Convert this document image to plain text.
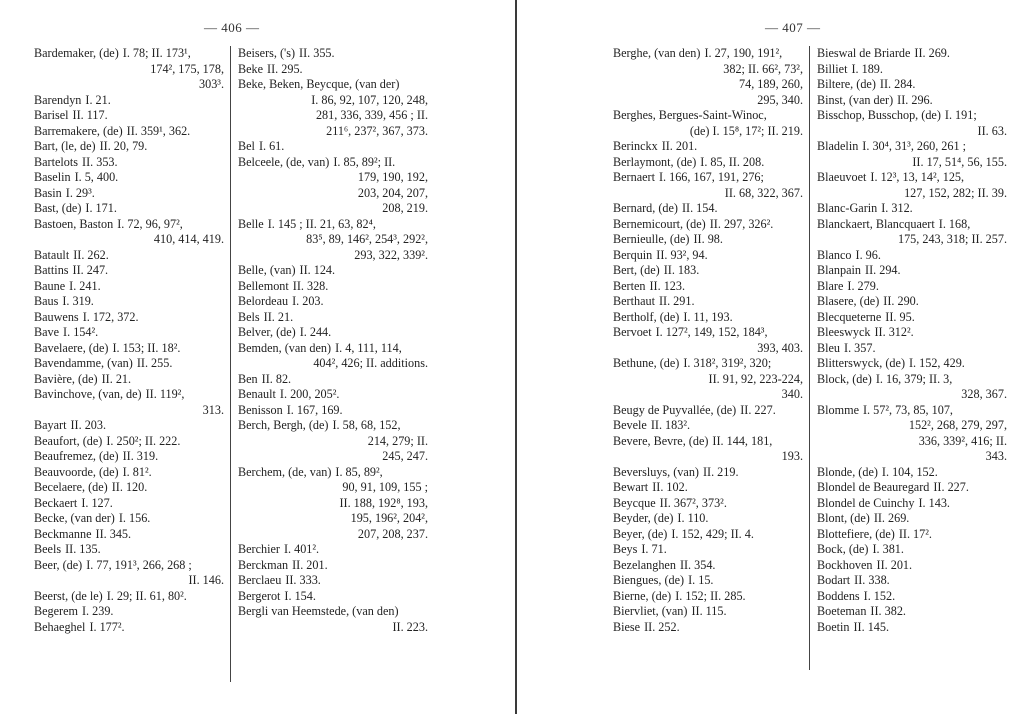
— 406 —
Bardemaker, (de) I. 78; II. 173¹,
174², 175, 178,
303³.
Barendyn I. 21.
Barisel II. 117.
Barremakere, (de) II. 359¹, 362.
Bart, (le, de) II. 20, 79.
Bartelots II. 353.
Baselin I. 5, 400.
Basin I. 29³.
Bast, (de) I. 171.
Bastoen, Baston I. 72, 96, 97²,
410, 414, 419.
Batault II. 262.
Battins II. 247.
Baune I. 241.
Baus I. 319.
Bauwens I. 172, 372.
Bave I. 154².
Bavelaere, (de) I. 153; II. 18².
Bavendamme, (van) II. 255.
Bavière, (de) II. 21.
Bavinchove, (van, de) II. 119²,
313.
Bayart II. 203.
Beaufort, (de) I. 250²; II. 222.
Beaufremez, (de) II. 319.
Beauvoorde, (de) I. 81².
Becelaere, (de) II. 120.
Beckaert I. 127.
Becke, (van der) I. 156.
Beckmanne II. 345.
Beels II. 135.
Beer, (de) I. 77, 191³, 266, 268 ;
II. 146.
Beerst, (de le) I. 29; II. 61, 80².
Begerem I. 239.
Behaeghel I. 177².
Beisers, ('s) II. 355.
Beke II. 295.
Beke, Beken, Beycque, (van der)
I. 86, 92, 107, 120, 248,
281, 336, 339, 456 ; II.
211⁶, 237², 367, 373.
Bel I. 61.
Belceele, (de, van) I. 85, 89²; II.
179, 190, 192,
203, 204, 207,
208, 219.
Belle I. 145 ; II. 21, 63, 82⁴,
83⁵, 89, 146², 254³, 292²,
293, 322, 339².
Belle, (van) II. 124.
Bellemont II. 328.
Belordeau I. 203.
Bels II. 21.
Belver, (de) I. 244.
Bemden, (van den) I. 4, 111, 114,
404², 426; II. additions.
Ben II. 82.
Benault I. 200, 205².
Benisson I. 167, 169.
Berch, Bergh, (de) I. 58, 68, 152,
214, 279; II.
245, 247.
Berchem, (de, van) I. 85, 89²,
90, 91, 109, 155 ;
II. 188, 192⁸, 193,
195, 196², 204²,
207, 208, 237.
Berchier I. 401².
Berckman II. 201.
Berclaeu II. 333.
Bergerot I. 154.
Bergli van Heemstede, (van den)
II. 223.
— 407 —
Berghe, (van den) I. 27, 190, 191²,
382; II. 66², 73²,
74, 189, 260,
295, 340.
Berghes, Bergues-Saint-Winoc,
(de) I. 15⁸, 17²; II. 219.
Berinckx II. 201.
Berlaymont, (de) I. 85, II. 208.
Bernaert I. 166, 167, 191, 276;
II. 68, 322, 367.
Bernard, (de) II. 154.
Bernemicourt, (de) II. 297, 326².
Bernieulle, (de) II. 98.
Berquin II. 93², 94.
Bert, (de) II. 183.
Berten II. 123.
Berthaut II. 291.
Bertholf, (de) I. 11, 193.
Bervoet I. 127², 149, 152, 184³,
393, 403.
Bethune, (de) I. 318², 319², 320;
II. 91, 92, 223-224,
340.
Beugy de Puyvallée, (de) II. 227.
Bevele II. 183².
Bevere, Bevre, (de) II. 144, 181,
193.
Beversluys, (van) II. 219.
Bewart II. 102.
Beycque II. 367², 373².
Beyder, (de) I. 110.
Beyer, (de) I. 152, 429; II. 4.
Beys I. 71.
Bezelanghen II. 354.
Biengues, (de) I. 15.
Bierne, (de) I. 152; II. 285.
Biervliet, (van) II. 115.
Biese II. 252.
Bieswal de Briarde II. 269.
Billiet I. 189.
Biltere, (de) II. 284.
Binst, (van der) II. 296.
Bisschop, Busschop, (de) I. 191;
II. 63.
Bladelin I. 30⁴, 31³, 260, 261 ;
II. 17, 51⁴, 56, 155.
Blaeuvoet I. 12³, 13, 14², 125,
127, 152, 282; II. 39.
Blanc-Garin I. 312.
Blanckaert, Blancquaert I. 168,
175, 243, 318; II. 257.
Blanco I. 96.
Blanpain II. 294.
Blare I. 279.
Blasere, (de) II. 290.
Blecqueterne II. 95.
Bleeswyck II. 312².
Bleu I. 357.
Blitterswyck, (de) I. 152, 429.
Block, (de) I. 16, 379; II. 3,
328, 367.
Blomme I. 57², 73, 85, 107,
152², 268, 279, 297,
336, 339², 416; II.
343.
Blonde, (de) I. 104, 152.
Blondel de Beauregard II. 227.
Blondel de Cuinchy I. 143.
Blont, (de) II. 269.
Blottefiere, (de) II. 17².
Bock, (de) I. 381.
Bockhoven II. 201.
Bodart II. 338.
Boddens I. 152.
Boeteman II. 382.
Boetin II. 145.
